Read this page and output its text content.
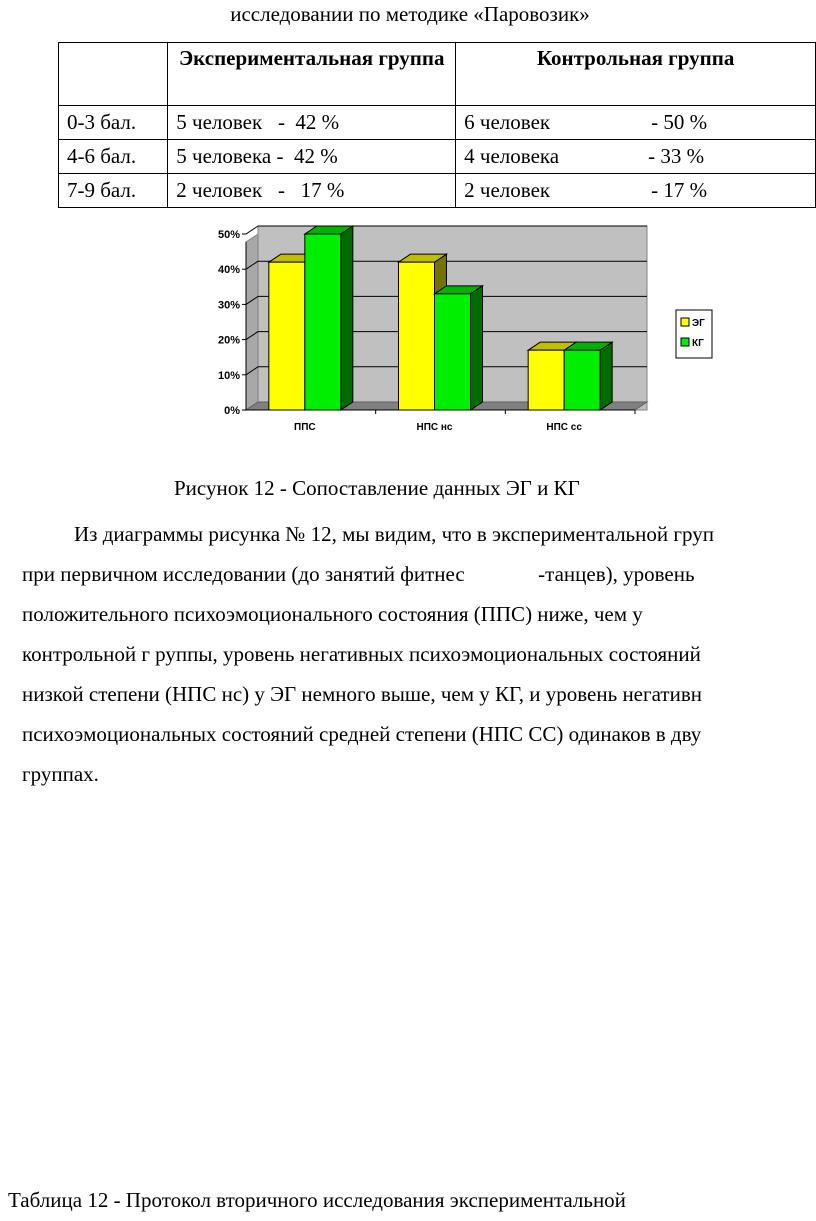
исследовании по методике «Паровозик»
	Экспериментальная группа	Контрольная группа
0-3 бал.	5 человек   -  42 %	6 человек - 50 %

4-6 бал.	5 человека -  42 %	4 человека - 33 %

7-9 бал.	2 человек   -   17 %	2 человек - 17 %
0%
10%
20%
30%
40%
50%
ППС	НПС нс	НПС сс
ЭГ
КГ
Рисунок 12 - Сопоставление данных ЭГ и КГ
Из диаграммы рисунка № 12, мы видим, что в экспериментальной груп
при первичном исследовании (до занятий фитнес              -танцев), уровень
положительного психоэмоционального состояния (ППС) ниже, чем у
контрольной г руппы, уровень негативных психоэмоциональных состояний
низкой степени (НПС нс) у ЭГ немного выше, чем у КГ, и уровень негативн
психоэмоциональных состояний средней степени (НПС СС) одинаков в дву
группах.
Таблица 12 - Протокол вторичного исследования экспериментальной
